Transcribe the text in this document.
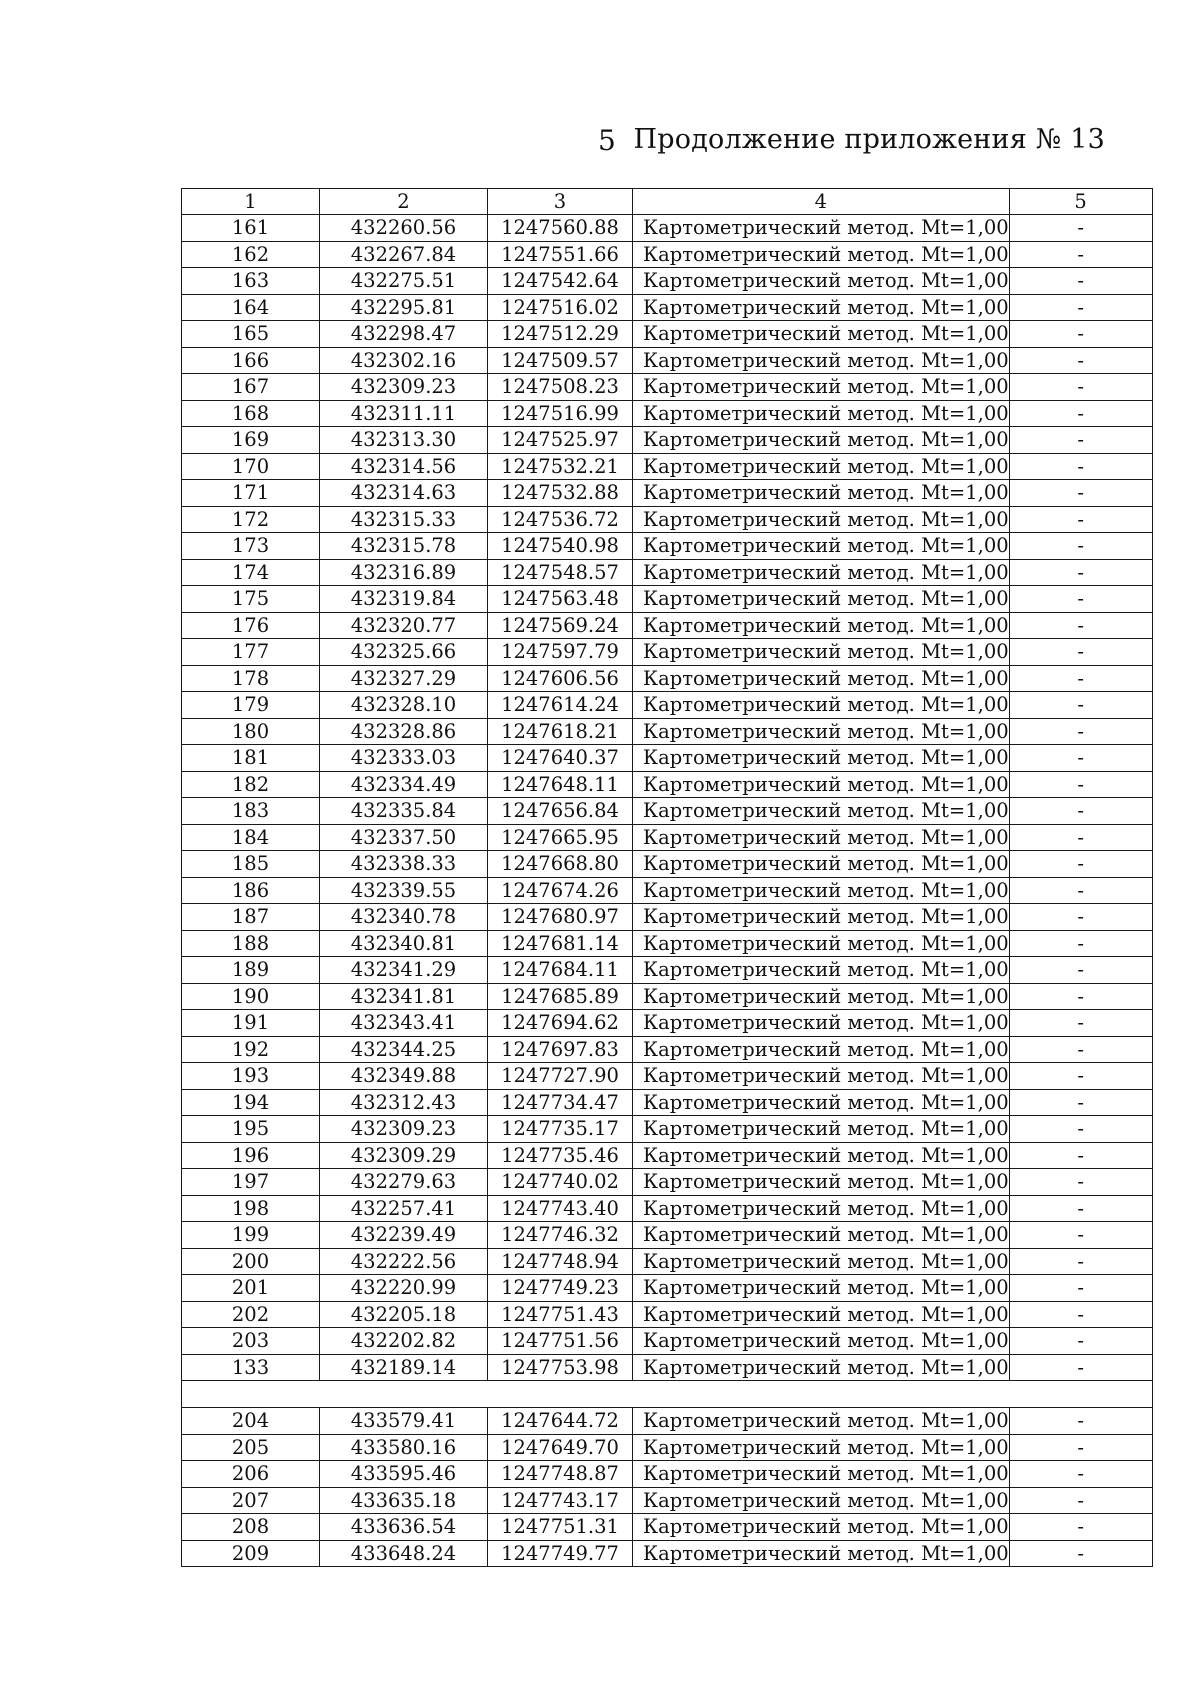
5 Продолжение приложения № 13
1	2	3	4	5
161	432260.56	1247560.88	Картометрический метод. Mt=1,00	-
162	432267.84	1247551.66	Картометрический метод. Mt=1,00	-
163	432275.51	1247542.64	Картометрический метод. Mt=1,00	-
164	432295.81	1247516.02	Картометрический метод. Mt=1,00	-
165	432298.47	1247512.29	Картометрический метод. Mt=1,00	-
166	432302.16	1247509.57	Картометрический метод. Mt=1,00	-
167	432309.23	1247508.23	Картометрический метод. Mt=1,00	-
168	432311.11	1247516.99	Картометрический метод. Mt=1,00	-
169	432313.30	1247525.97	Картометрический метод. Mt=1,00	-
170	432314.56	1247532.21	Картометрический метод. Mt=1,00	-
171	432314.63	1247532.88	Картометрический метод. Mt=1,00	-
172	432315.33	1247536.72	Картометрический метод. Mt=1,00	-
173	432315.78	1247540.98	Картометрический метод. Mt=1,00	-
174	432316.89	1247548.57	Картометрический метод. Mt=1,00	-
175	432319.84	1247563.48	Картометрический метод. Mt=1,00	-
176	432320.77	1247569.24	Картометрический метод. Mt=1,00	-
177	432325.66	1247597.79	Картометрический метод. Mt=1,00	-
178	432327.29	1247606.56	Картометрический метод. Mt=1,00	-
179	432328.10	1247614.24	Картометрический метод. Mt=1,00	-
180	432328.86	1247618.21	Картометрический метод. Mt=1,00	-
181	432333.03	1247640.37	Картометрический метод. Mt=1,00	-
182	432334.49	1247648.11	Картометрический метод. Mt=1,00	-
183	432335.84	1247656.84	Картометрический метод. Mt=1,00	-
184	432337.50	1247665.95	Картометрический метод. Mt=1,00	-
185	432338.33	1247668.80	Картометрический метод. Mt=1,00	-
186	432339.55	1247674.26	Картометрический метод. Mt=1,00	-
187	432340.78	1247680.97	Картометрический метод. Mt=1,00	-
188	432340.81	1247681.14	Картометрический метод. Mt=1,00	-
189	432341.29	1247684.11	Картометрический метод. Mt=1,00	-
190	432341.81	1247685.89	Картометрический метод. Mt=1,00	-
191	432343.41	1247694.62	Картометрический метод. Mt=1,00	-
192	432344.25	1247697.83	Картометрический метод. Mt=1,00	-
193	432349.88	1247727.90	Картометрический метод. Mt=1,00	-
194	432312.43	1247734.47	Картометрический метод. Mt=1,00	-
195	432309.23	1247735.17	Картометрический метод. Mt=1,00	-
196	432309.29	1247735.46	Картометрический метод. Mt=1,00	-
197	432279.63	1247740.02	Картометрический метод. Mt=1,00	-
198	432257.41	1247743.40	Картометрический метод. Mt=1,00	-
199	432239.49	1247746.32	Картометрический метод. Mt=1,00	-
200	432222.56	1247748.94	Картометрический метод. Mt=1,00	-
201	432220.99	1247749.23	Картометрический метод. Mt=1,00	-
202	432205.18	1247751.43	Картометрический метод. Mt=1,00	-
203	432202.82	1247751.56	Картометрический метод. Mt=1,00	-
133	432189.14	1247753.98	Картометрический метод. Mt=1,00	-

204	433579.41	1247644.72	Картометрический метод. Mt=1,00	-
205	433580.16	1247649.70	Картометрический метод. Mt=1,00	-
206	433595.46	1247748.87	Картометрический метод. Mt=1,00	-
207	433635.18	1247743.17	Картометрический метод. Mt=1,00	-
208	433636.54	1247751.31	Картометрический метод. Mt=1,00	-
209	433648.24	1247749.77	Картометрический метод. Mt=1,00	-
